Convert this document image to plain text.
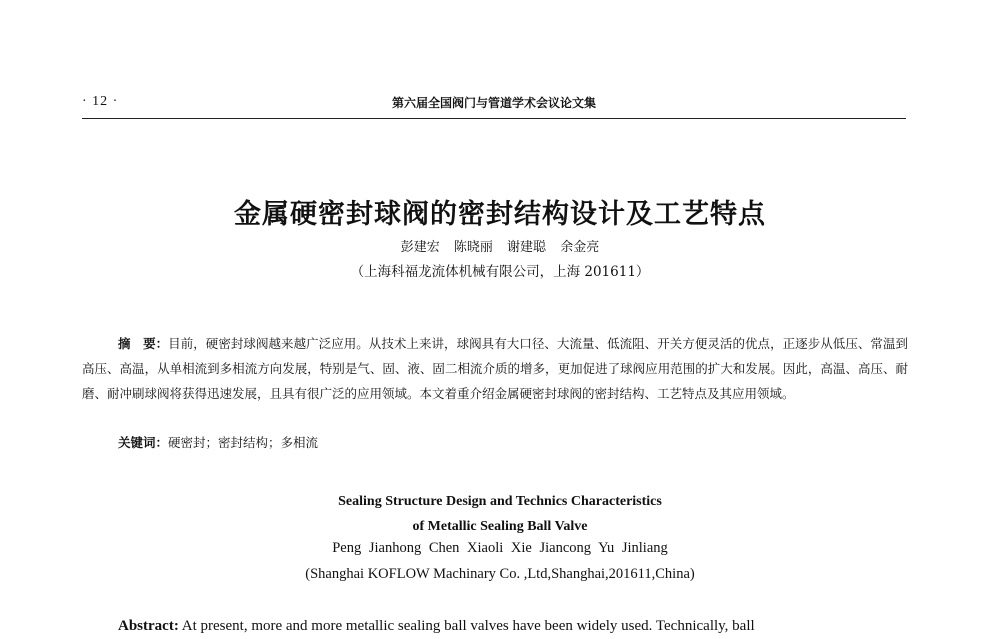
· 12 ·	第六届全国阀门与管道学术会议论文集
金属硬密封球阀的密封结构设计及工艺特点
彭建宏 陈晓丽 谢建聪 余金亮
（上海科福龙流体机械有限公司，上海 201611）
摘　要：目前，硬密封球阀越来越广泛应用。从技术上来讲，球阀具有大口径、大流量、低流阻、开关方便灵活的优点，正逐步从低压、常温到高压、高温，从单相流到多相流方向发展，特别是气、固、液、固二相流介质的增多，更加促进了球阀应用范围的扩大和发展。因此，高温、高压、耐磨、耐冲刷球阀将获得迅速发展，且具有很广泛的应用领域。本文着重介绍金属硬密封球阀的密封结构、工艺特点及其应用领域。
关键词：硬密封；密封结构；多相流
Sealing Structure Design and Technics Characteristics
of Metallic Sealing Ball Valve
Peng Jianhong Chen Xiaoli Xie Jiancong Yu Jinliang
(Shanghai KOFLOW Machinary Co. ,Ltd,Shanghai,201611,China)
Abstract: At present, more and more metallic sealing ball valves have been widely used. Technically, ball
